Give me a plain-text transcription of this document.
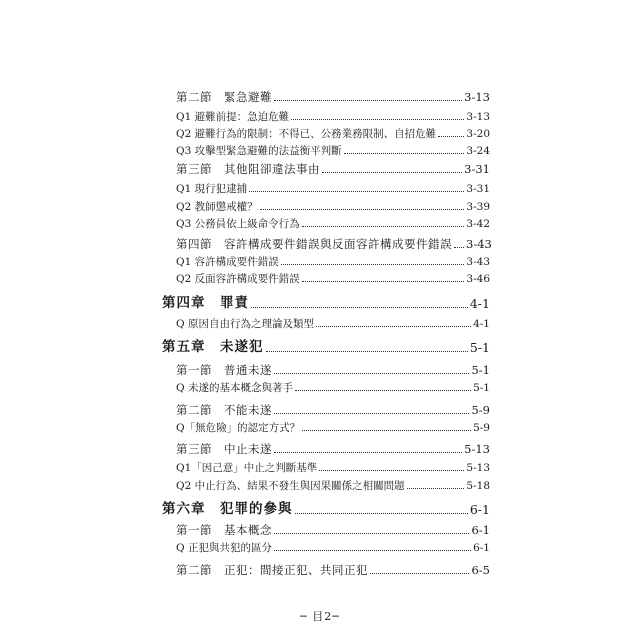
第二節　緊急避難	3-13
Q1 避難前提：急迫危難	3-13
Q2 避難行為的限制：不得已、公務業務限制、自招危難	3-20
Q3 攻擊型緊急避難的法益衡平判斷	3-24
第三節　其他阻卻違法事由	3-31
Q1 現行犯逮捕	3-31
Q2 教師懲戒權？	3-39
Q3 公務員依上級命令行為	3-42
第四節　容許構成要件錯誤與反面容許構成要件錯誤 3-43
Q1 容許構成要件錯誤	3-43
Q2 反面容許構成要件錯誤	3-46
第四章　罪責	4-1
Q 原因自由行為之理論及類型	4-1
第五章　未遂犯	5-1
第一節　普通未遂	5-1
Q 未遂的基本概念與著手	5-1
第二節　不能未遂	5-9
Q「無危險」的認定方式？	5-9
第三節　中止未遂	5-13
Q1「因己意」中止之判斷基準	5-13
Q2 中止行為、結果不發生與因果關係之相關問題	5-18
第六章　犯罪的參與	6-1
第一節　基本概念	6-1
Q 正犯與共犯的區分	6-1
第二節　正犯：間接正犯、共同正犯	6-5
─ 目2─
